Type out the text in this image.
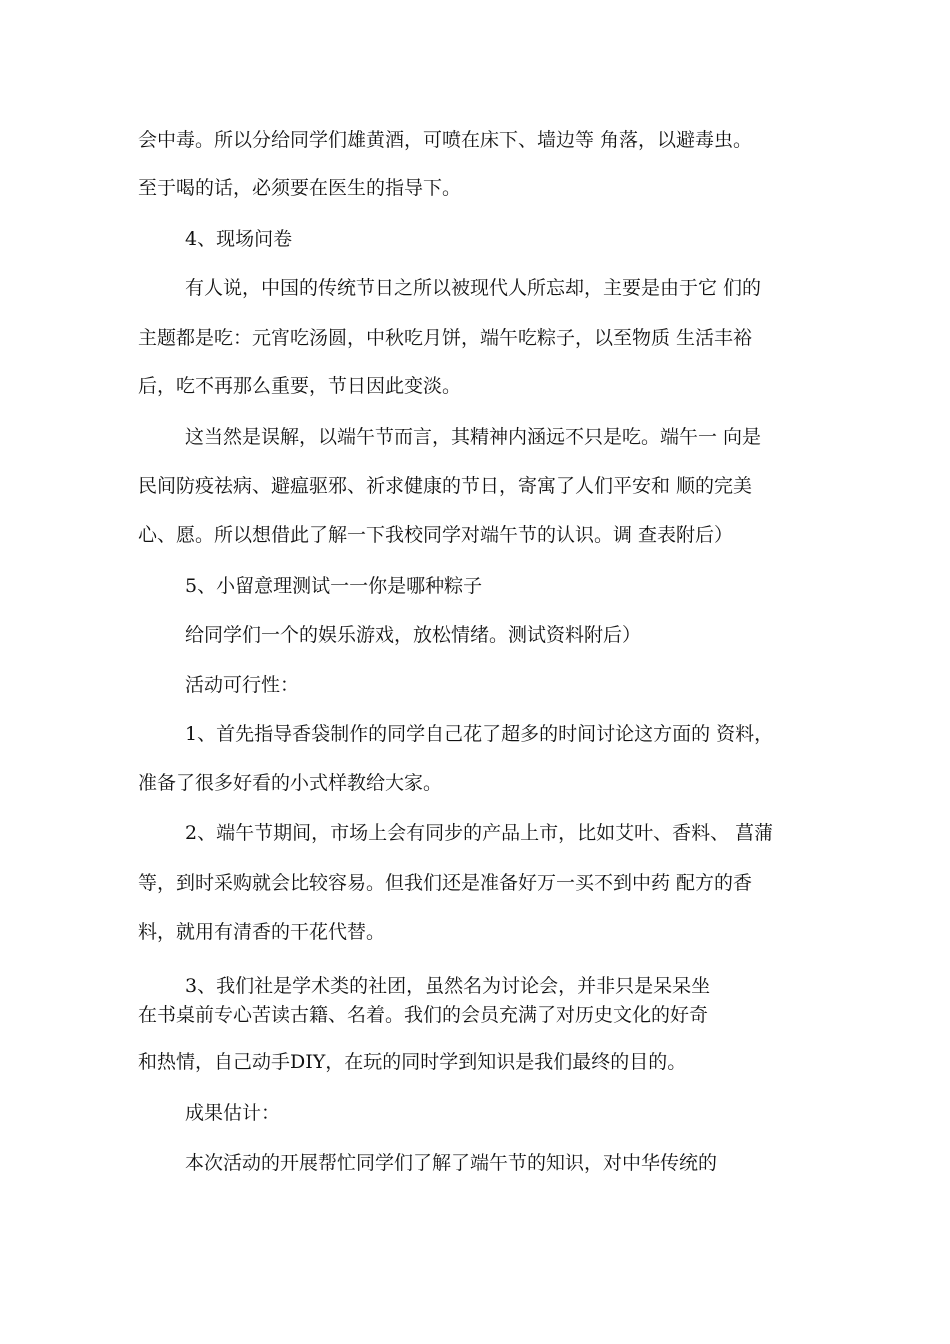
会中毒。所以分给同学们雄黄酒，可喷在床下、墙边等 角落，以避毒虫。
至于喝的话，必须要在医生的指导下。
4、现场问卷
有人说，中国的传统节日之所以被现代人所忘却，主要是由于它 们的
主题都是吃：元宵吃汤圆，中秋吃月饼，端午吃粽子，以至物质 生活丰裕
后，吃不再那么重要，节日因此变淡。
这当然是误解，以端午节而言，其精神内涵远不只是吃。端午一 向是
民间防疫祛病、避瘟驱邪、祈求健康的节日，寄寓了人们平安和 顺的完美
心、愿。所以想借此了解一下我校同学对端午节的认识。调 查表附后）
5、小留意理测试一一你是哪种粽子
给同学们一个的娱乐游戏，放松情绪。测试资料附后）
活动可行性：
1、首先指导香袋制作的同学自己花了超多的时间讨论这方面的 资料，
准备了很多好看的小式样教给大家。
2、端午节期间，市场上会有同步的产品上市，比如艾叶、香料、 菖蒲
等，到时采购就会比较容易。但我们还是准备好万一买不到中药 配方的香
料，就用有清香的干花代替。
3、我们社是学术类的社团，虽然名为讨论会，并非只是呆呆坐
在书桌前专心苦读古籍、名着。我们的会员充满了对历史文化的好奇
和热情，自己动手DIY，在玩的同时学到知识是我们最终的目的。
成果估计：
本次活动的开展帮忙同学们了解了端午节的知识，对中华传统的
